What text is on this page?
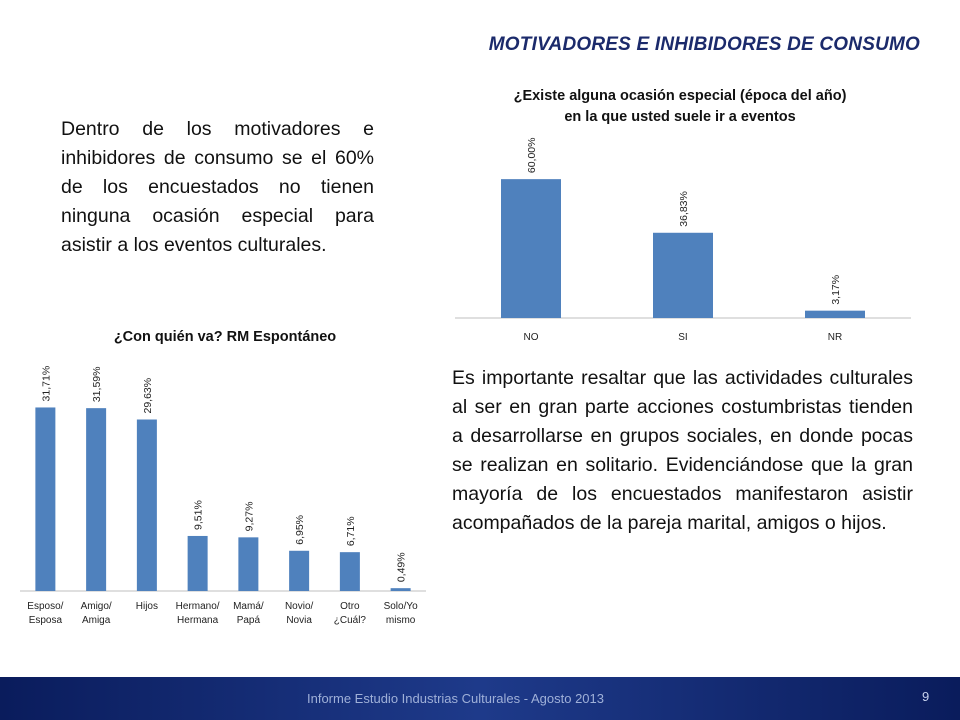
MOTIVADORES E INHIBIDORES DE CONSUMO
Dentro de los motivadores e inhibidores de consumo se el 60% de los encuestados no tienen ninguna ocasión especial para asistir a los eventos culturales.
¿Existe alguna ocasión especial (época del año)
en la que usted suele ir a eventos
60,00%
NO
36,83%
SI
3,17%
NR
¿Con quién va? RM Espontáneo
31,71%
Esposo/ Esposa
31,59%
Amigo/ Amiga
29,63%
Hijos
9,51%
Hermano/ Hermana
9,27%
Mamá/ Papá
6,95%
Novio/ Novia
6,71%
Otro ¿Cuál?
0,49%
Solo/Yo mismo
Es importante resaltar que las actividades culturales al ser en gran parte acciones costumbristas tienden a desarrollarse en grupos sociales, en donde pocas se realizan en solitario. Evidenciándose que la gran mayoría de los encuestados manifestaron asistir acompañados de la pareja marital, amigos o hijos.
Informe Estudio Industrias Culturales - Agosto 2013	9
